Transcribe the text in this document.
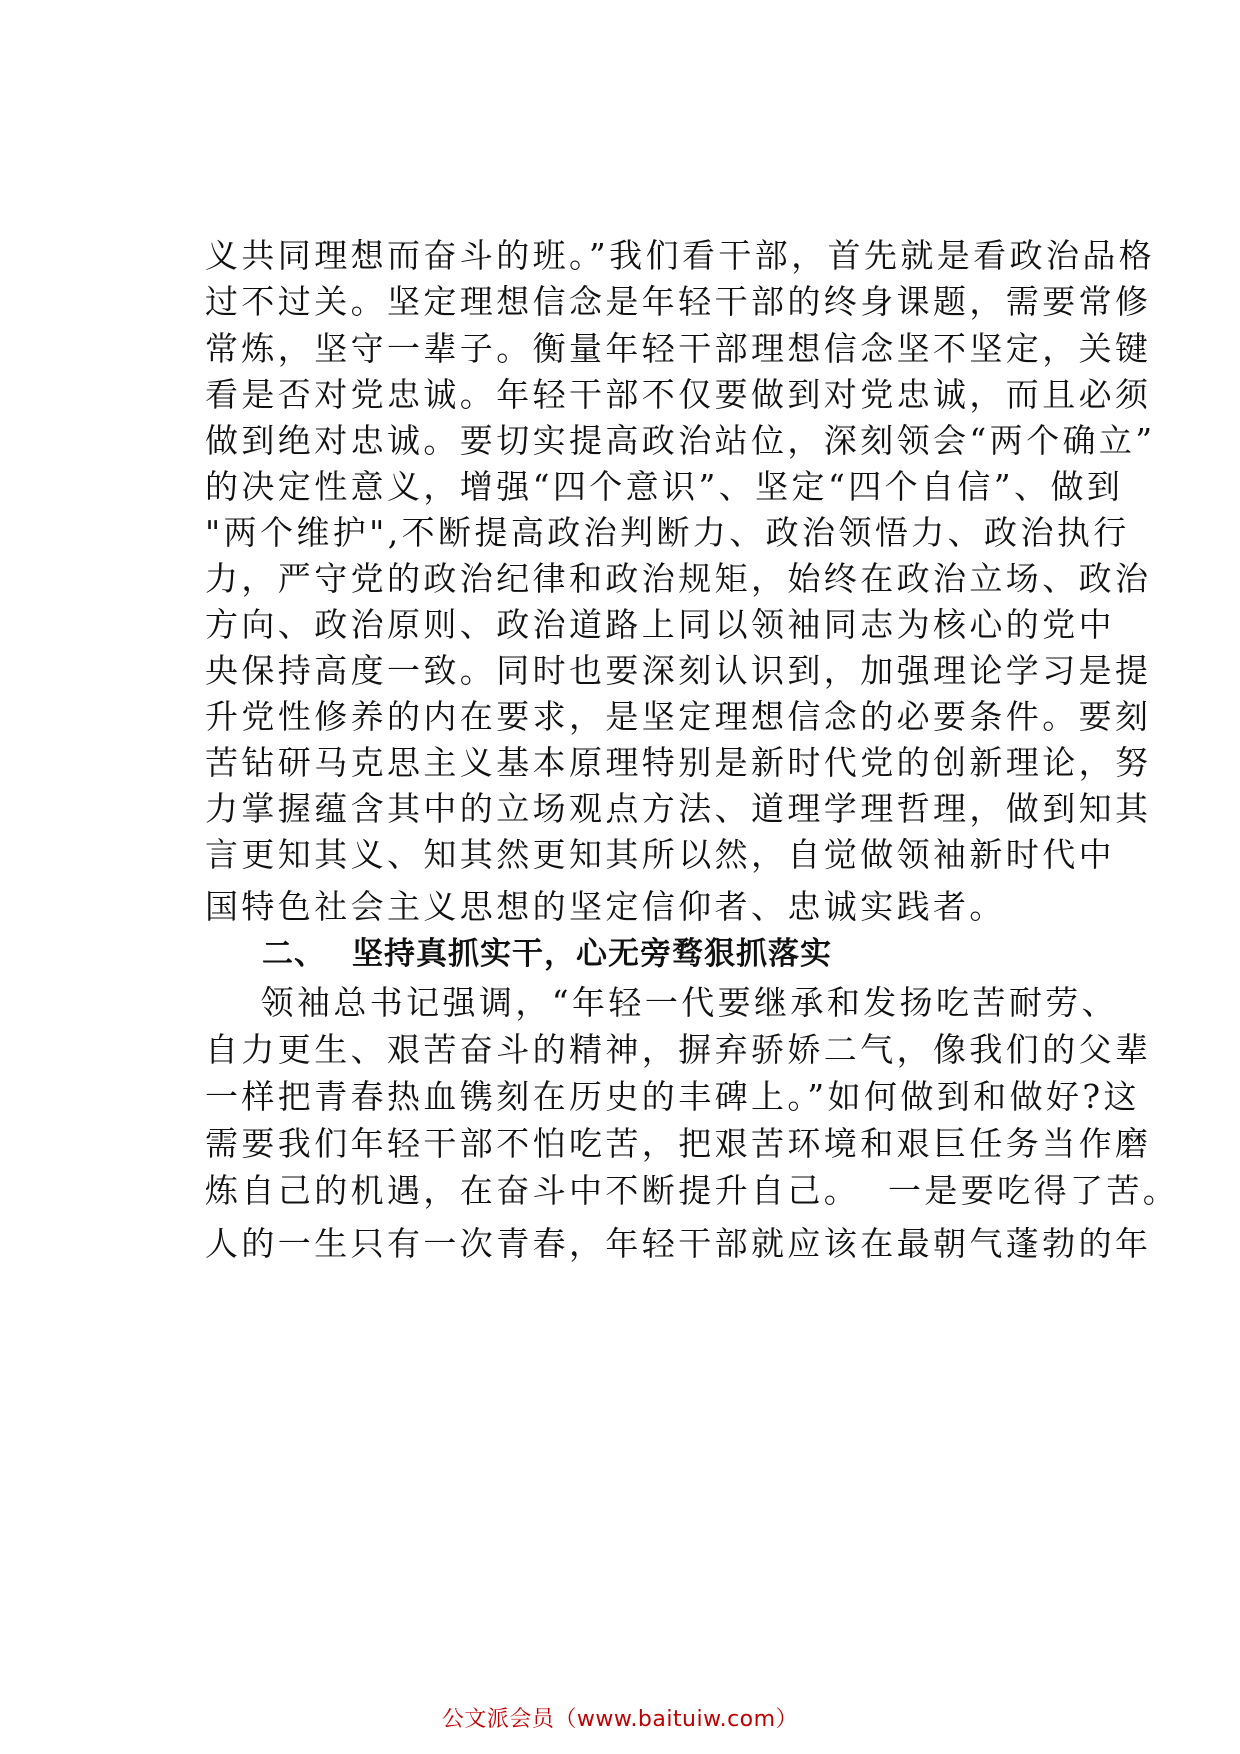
义共同理想而奋斗的班。”我们看干部，首先就是看政治品格
过不过关。坚定理想信念是年轻干部的终身课题，需要常修
常炼，坚守一辈子。衡量年轻干部理想信念坚不坚定，关键
看是否对党忠诚。年轻干部不仅要做到对党忠诚，而且必须
做到绝对忠诚。要切实提高政治站位，深刻领会“两个确立”
的决定性意义，增强“四个意识”、坚定“四个自信”、做到
"两个维护",不断提高政治判断力、政治领悟力、政治执行
力，严守党的政治纪律和政治规矩，始终在政治立场、政治
方向、政治原则、政治道路上同以领袖同志为核心的党中
央保持高度一致。同时也要深刻认识到，加强理论学习是提
升党性修养的内在要求，是坚定理想信念的必要条件。要刻
苦钻研马克思主义基本原理特别是新时代党的创新理论，努
力掌握蕴含其中的立场观点方法、道理学理哲理，做到知其
言更知其义、知其然更知其所以然，自觉做领袖新时代中
国特色社会主义思想的坚定信仰者、忠诚实践者。
二、 坚持真抓实干，心无旁骛狠抓落实
领袖总书记强调，“年轻一代要继承和发扬吃苦耐劳、
自力更生、艰苦奋斗的精神，摒弃骄娇二气，像我们的父辈
一样把青春热血镌刻在历史的丰碑上。”如何做到和做好?这
需要我们年轻干部不怕吃苦，把艰苦环境和艰巨任务当作磨
炼自己的机遇，在奋斗中不断提升自己。  一是要吃得了苦。
人的一生只有一次青春，年轻干部就应该在最朝气蓬勃的年
公文派会员（www.baituiw.com）
